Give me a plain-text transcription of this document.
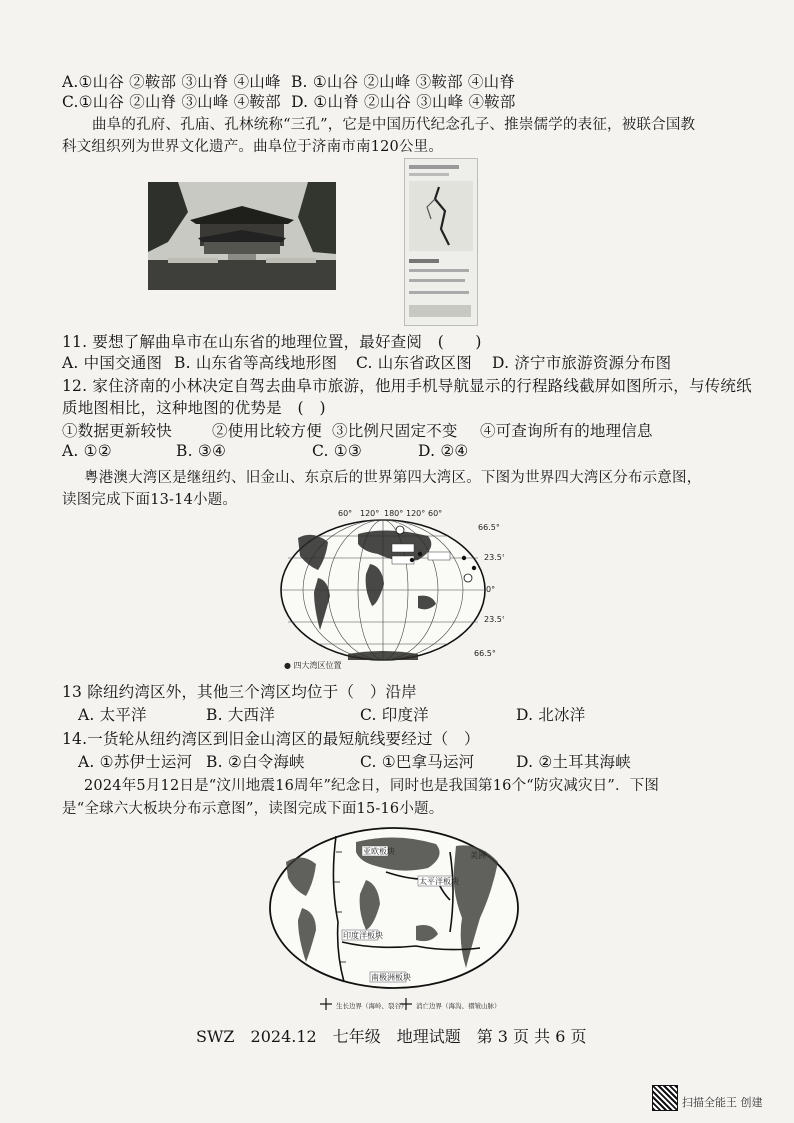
A.①山谷 ②鞍部 ③山脊 ④山峰 B. ①山谷 ②山峰 ③鞍部 ④山脊
C.①山谷 ②山脊 ③山峰 ④鞍部 D. ①山脊 ②山谷 ③山峰 ④鞍部
曲阜的孔府、孔庙、孔林统称“三孔”，它是中国历代纪念孔子、推崇儒学的表征，被联合国教
科文组织列为世界文化遗产。曲阜位于济南市南120公里。
11. 要想了解曲阜市在山东省的地理位置，最好查阅　(　　)
A. 中国交通图 B. 山东省等高线地形图 C. 山东省政区图 D. 济宁市旅游资源分布图
12. 家住济南的小林决定自驾去曲阜市旅游，他用手机导航显示的行程路线截屏如图所示，与传统纸
质地图相比，这种地图的优势是　(　)
①数据更新较快	②使用比较方便 ③比例尺固定不变 ④可查询所有的地理信息
A. ①②	B. ③④	C. ①③	D. ②④
粤港澳大湾区是继纽约、旧金山、东京后的世界第四大湾区。下图为世界四大湾区分布示意图，
读图完成下面13-14小题。
60° 120° 180° 120° 60°
66.5°
23.5°
0°
23.5°
66.5°
● 四大湾区位置
13 除纽约湾区外，其他三个湾区均位于（　）沿岸
A. 太平洋	B. 大西洋	C. 印度洋	D. 北冰洋
14.一货轮从纽约湾区到旧金山湾区的最短航线要经过（　）
A. ①苏伊士运河 B. ②白令海峡	C. ①巴拿马运河	D. ②土耳其海峡
2024年5月12日是“汶川地震16周年”纪念日，同时也是我国第16个“防灾减灾日”．下图
是“全球六大板块分布示意图”，读图完成下面15-16小题。
亚欧板块
太平洋板块
印度洋板块
南极洲板块
美洲
生长边界（海岭、裂谷） 消亡边界（海沟、褶皱山脉）
SWZ　2024.12　七年级　地理试题　第 3 页 共 6 页
扫描全能王 创建
